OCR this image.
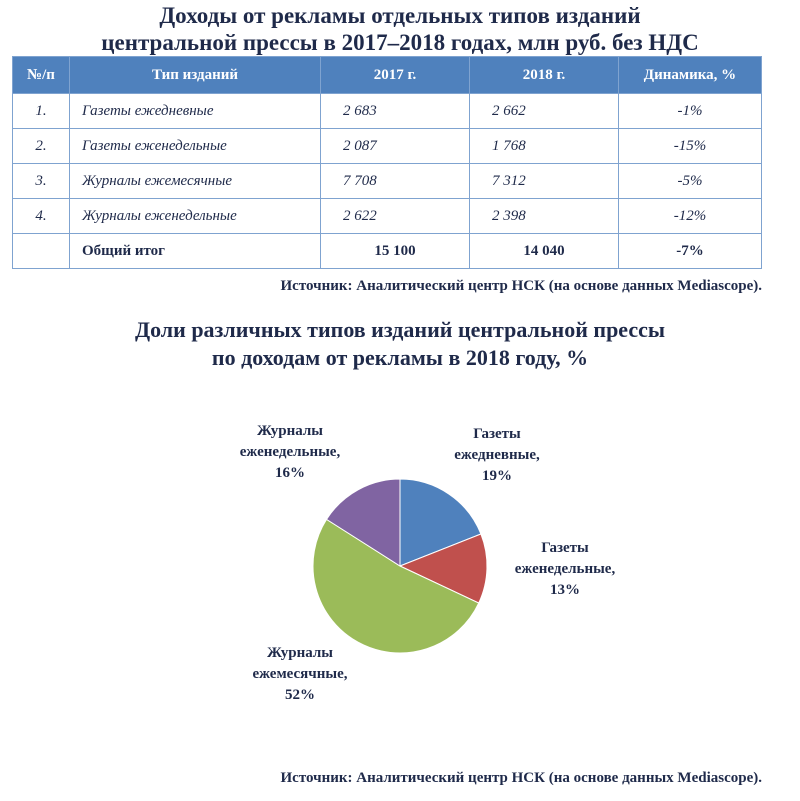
Доходы от рекламы отдельных типов изданий
центральной прессы в 2017–2018 годах, млн руб. без НДС
№/п	Тип изданий	2017 г.	2018 г.	Динамика, %
1.	Газеты ежедневные	2 683	2 662	-1%
2.	Газеты еженедельные	2 087	1 768	-15%
3.	Журналы ежемесячные	7 708	7 312	-5%
4.	Журналы еженедельные	2 622	2 398	-12%
	Общий итог	15 100	14 040	-7%
Источник: Аналитический центр НСК (на основе данных Mediascope).
Доли различных типов изданий центральной прессы
по доходам от рекламы в 2018 году, %
Газеты ежедневные, 19%
Газеты еженедельные, 13%
Журналы ежемесячные, 52%
Журналы еженедельные, 16%
Источник: Аналитический центр НСК (на основе данных Mediascope).
